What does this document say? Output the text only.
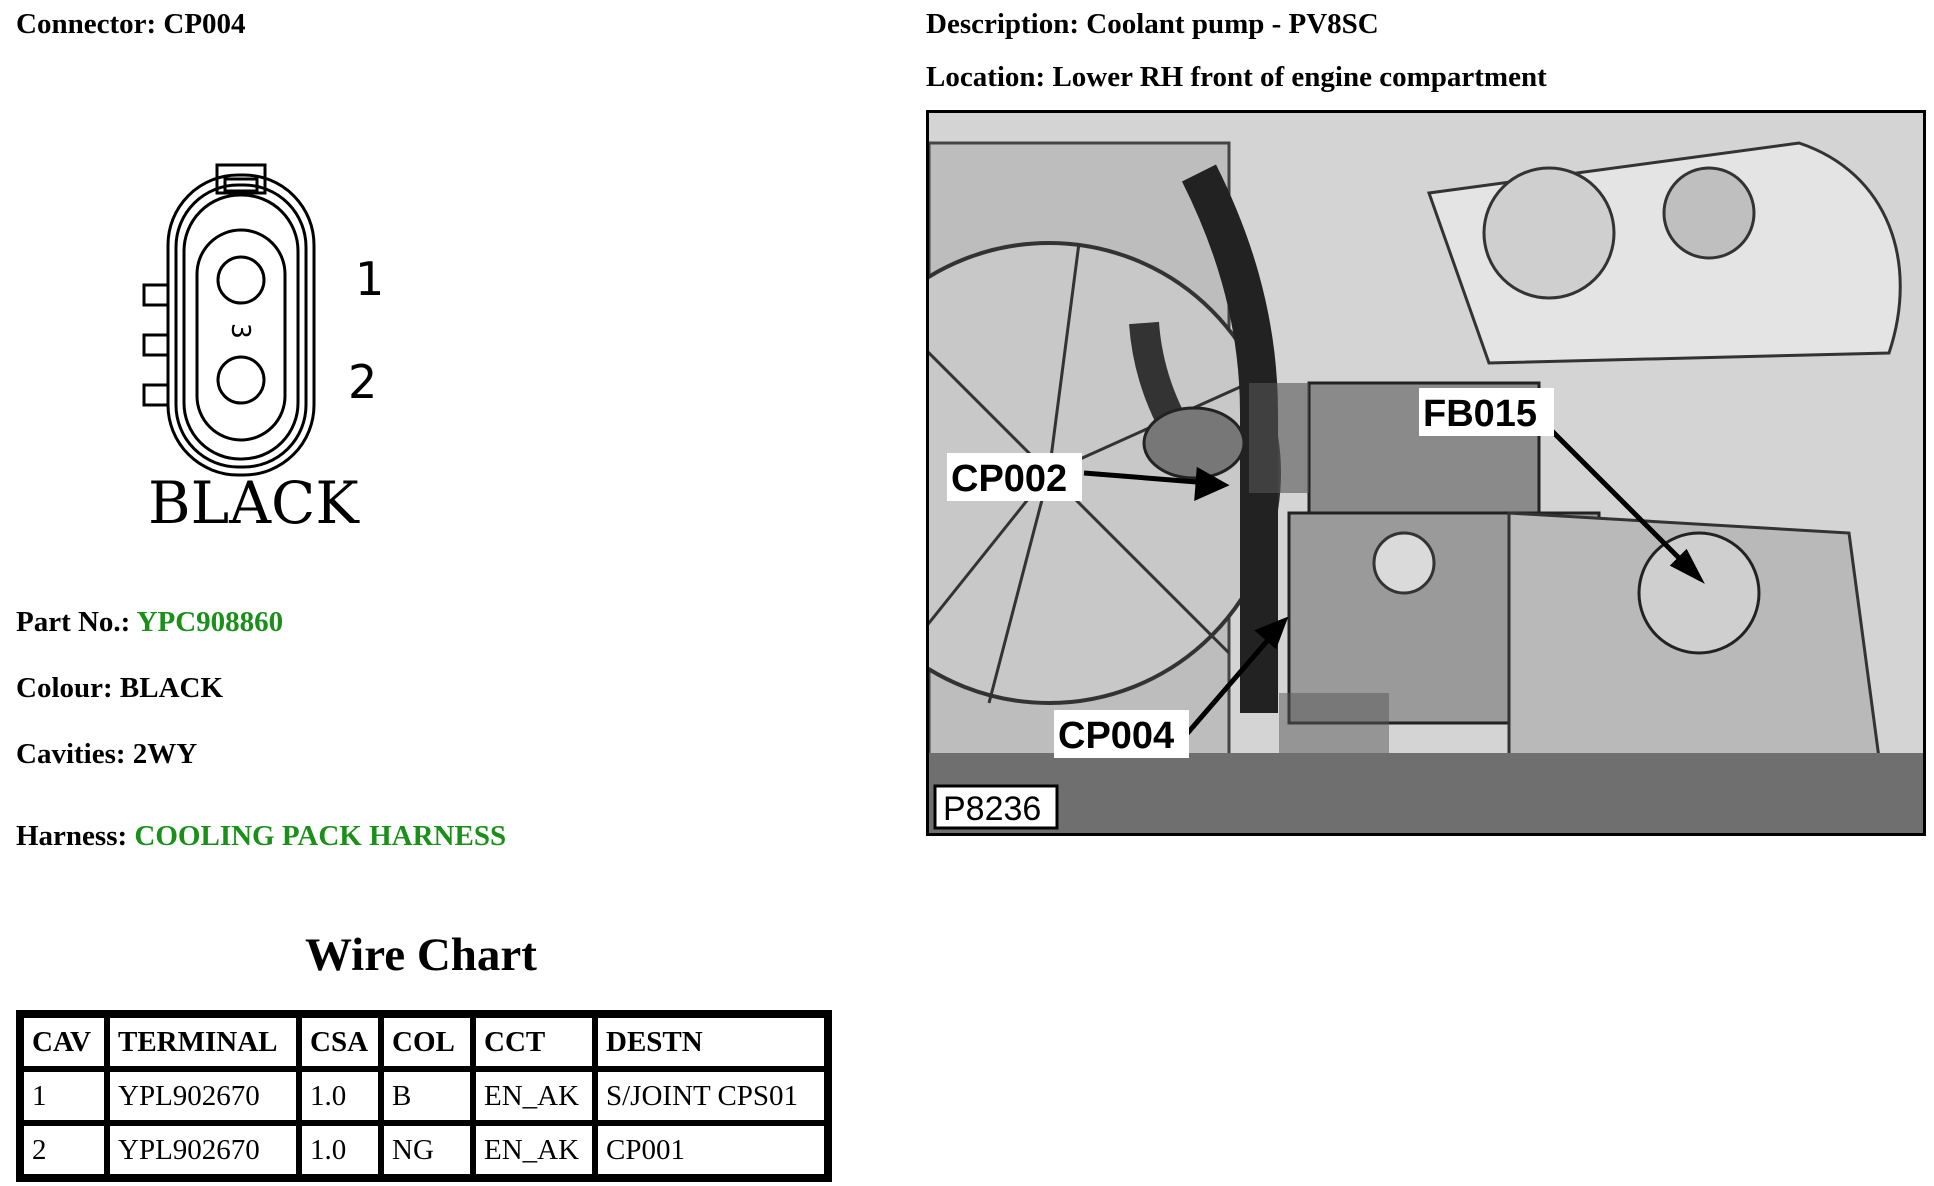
Connector: CP004	Description: Coolant pump - PV8SC
Location: Lower RH front of engine compartment
3
1
2
BLACK
Part No.: YPC908860
Colour: BLACK
Cavities: 2WY
Harness: COOLING PACK HARNESS
CP002
FB015
CP004
P8236
Wire Chart
CAV	TERMINAL	CSA	COL	CCT	DESTN
1	YPL902670	1.0	B	EN_AK	S/JOINT CPS01
2	YPL902670	1.0	NG	EN_AK	CP001
